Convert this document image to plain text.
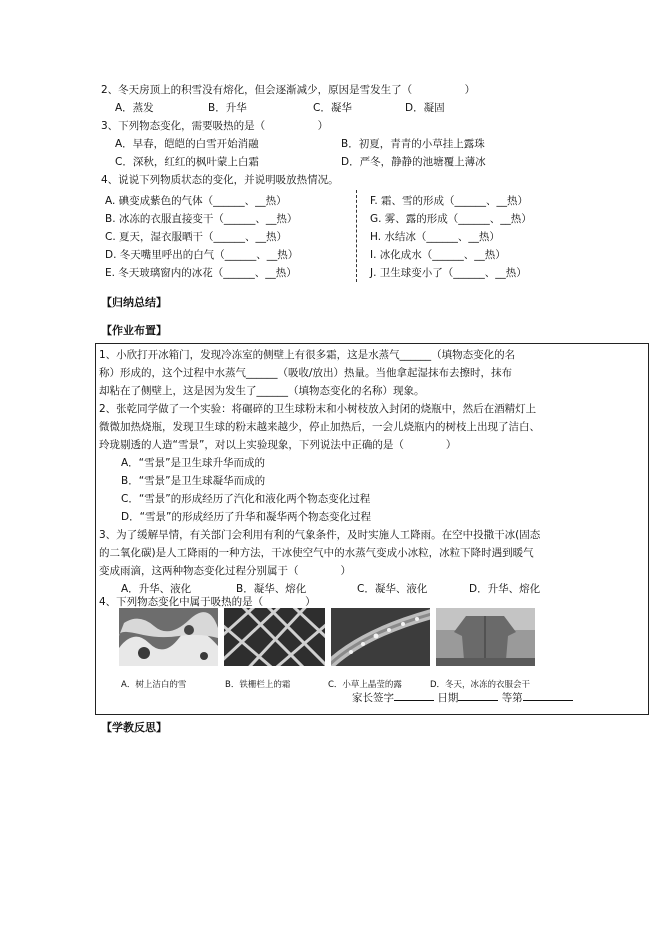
2、冬天房顶上的积雪没有熔化，但会逐渐减少，原因是雪发生了（　　　　　）
A．蒸发	B．升华	C．凝华	D．凝固
3、下列物态变化，需要吸热的是（　　　　　）
A．早春，皑皑的白雪开始消融	B．初夏，青青的小草挂上露珠
C．深秋，红红的枫叶蒙上白霜	D．严冬，静静的池塘覆上薄冰
4、说说下列物质状态的变化，并说明吸放热情况。
A. 碘变成紫色的气体（______、__热）
B. 冰冻的衣服直接变干（______、__热）
C. 夏天，湿衣服晒干（______、__热）
D. 冬天嘴里呼出的白气（______、__热）
E. 冬天玻璃窗内的冰花（______、__热）
F. 霜、雪的形成（______、__热）
G. 雾、露的形成（______、__热）
H. 水结冰（______、__热）
I. 冰化成水（______、__热）
J. 卫生球变小了（______、__热）
【归纳总结】
【作业布置】
1、小欣打开冰箱门，发现冷冻室的侧壁上有很多霜，这是水蒸气______（填物态变化的名
称）形成的，这个过程中水蒸气______（吸收/放出）热量。当他拿起湿抹布去擦时，抹布
却粘在了侧壁上，这是因为发生了______（填物态变化的名称）现象。
2、张乾同学做了一个实验：将碾碎的卫生球粉末和小树枝放入封闭的烧瓶中，然后在酒精灯上
微微加热烧瓶，发现卫生球的粉末越来越少，停止加热后，一会儿烧瓶内的树枝上出现了洁白、
玲珑剔透的人造“雪景”，对以上实验现象，下列说法中正确的是（　　　　）
A．“雪景”是卫生球升华而成的
B．“雪景”是卫生球凝华而成的
C．“雪景”的形成经历了汽化和液化两个物态变化过程
D．“雪景”的形成经历了升华和凝华两个物态变化过程
3、为了缓解旱情，有关部门会利用有利的气象条件，及时实施人工降雨。在空中投撒干冰(固态
的二氧化碳)是人工降雨的一种方法，干冰使空气中的水蒸气变成小冰粒，冰粒下降时遇到暖气
变成雨滴，这两种物态变化过程分别属于（　　　　）
A．升华、液化	B．凝华、熔化	C．凝华、液化	D．升华、熔化
4、下列物态变化中属于吸热的是（　　　　）
A．树上洁白的雪	B．铁栅栏上的霜	C．小草上晶莹的露	D．冬天，冰冻的衣服会干
家长签字	日期	等第
【学教反思】
